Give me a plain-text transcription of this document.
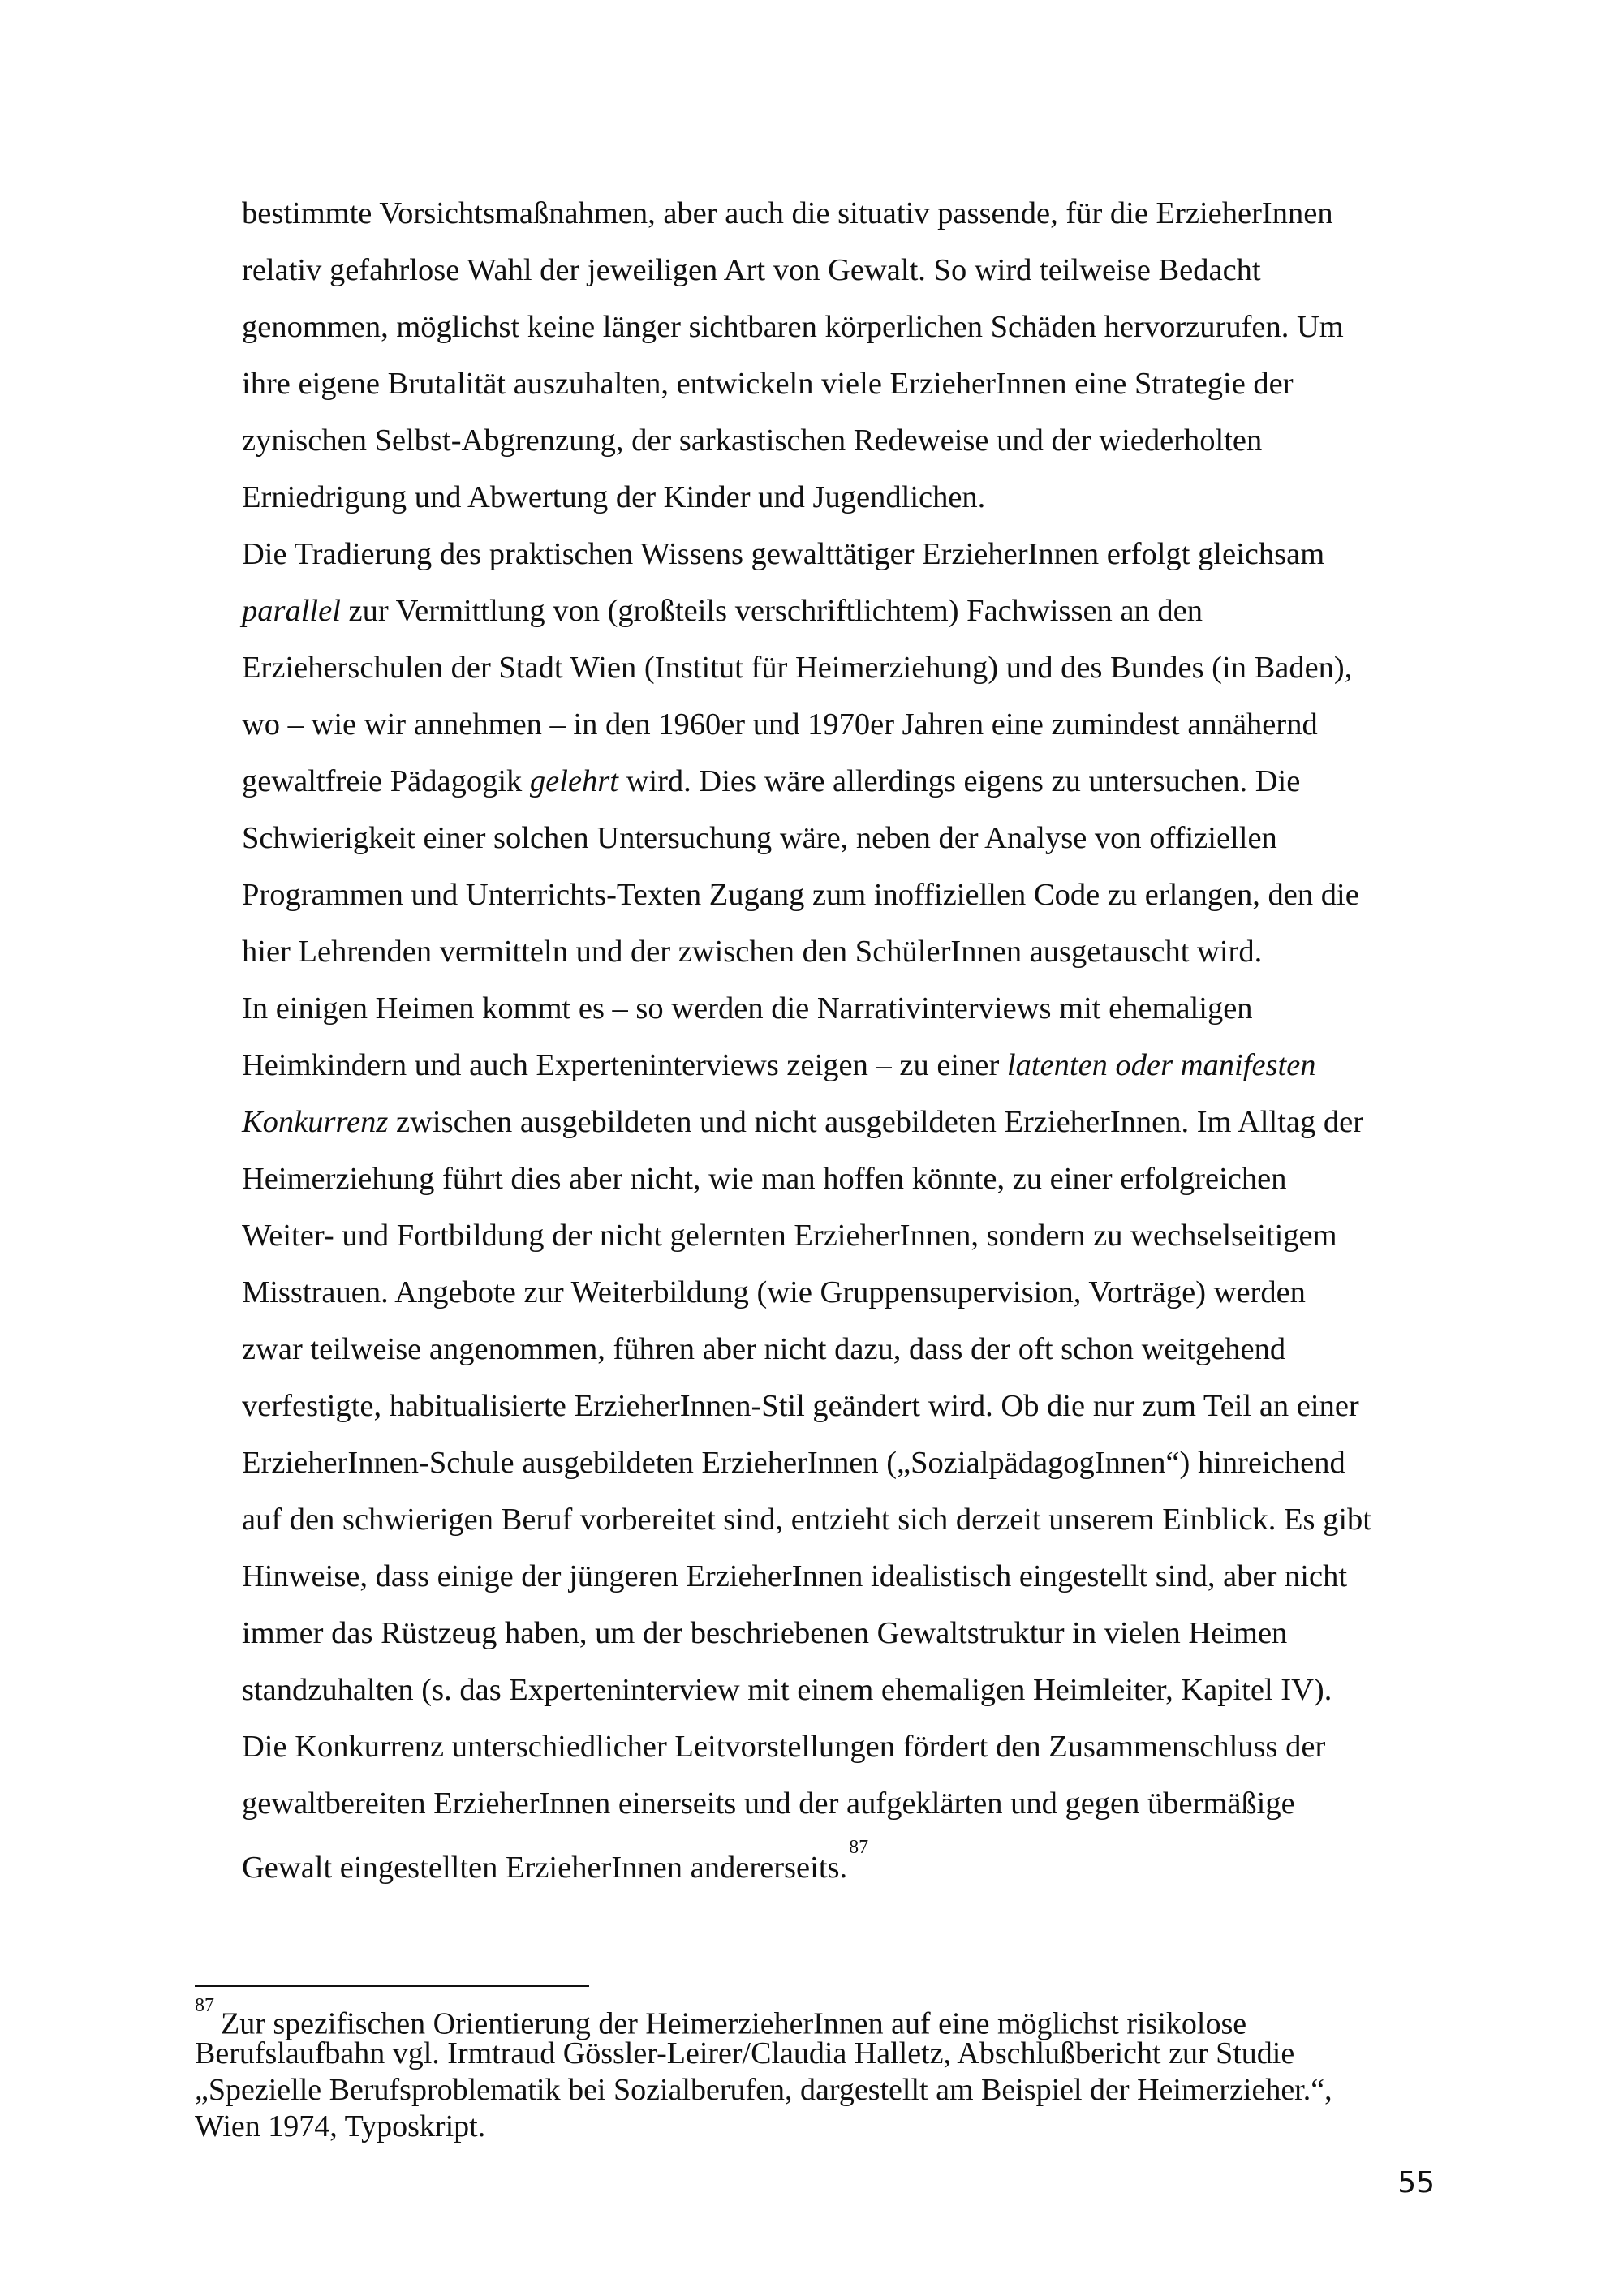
bestimmte Vorsichtsmaßnahmen, aber auch die situativ passende, für die ErzieherInnen
relativ gefahrlose Wahl der jeweiligen Art von Gewalt. So wird teilweise Bedacht
genommen, möglichst keine länger sichtbaren körperlichen Schäden hervorzurufen. Um
ihre eigene Brutalität auszuhalten, entwickeln viele ErzieherInnen eine Strategie der
zynischen Selbst-Abgrenzung, der sarkastischen Redeweise und der wiederholten
Erniedrigung und Abwertung der Kinder und Jugendlichen.
Die Tradierung des praktischen Wissens gewalttätiger ErzieherInnen erfolgt gleichsam
parallel zur Vermittlung von (großteils verschriftlichtem) Fachwissen an den
Erzieherschulen der Stadt Wien (Institut für Heimerziehung) und des Bundes (in Baden),
wo – wie wir annehmen – in den 1960er und 1970er Jahren eine zumindest annähernd
gewaltfreie Pädagogik gelehrt wird. Dies wäre allerdings eigens zu untersuchen. Die
Schwierigkeit einer solchen Untersuchung wäre, neben der Analyse von offiziellen
Programmen und Unterrichts-Texten Zugang zum inoffiziellen Code zu erlangen, den die
hier Lehrenden vermitteln und der zwischen den SchülerInnen ausgetauscht wird.
In einigen Heimen kommt es – so werden die Narrativinterviews mit ehemaligen
Heimkindern und auch Experteninterviews zeigen – zu einer latenten oder manifesten
Konkurrenz zwischen ausgebildeten und nicht ausgebildeten ErzieherInnen. Im Alltag der
Heimerziehung führt dies aber nicht, wie man hoffen könnte, zu einer erfolgreichen
Weiter- und Fortbildung der nicht gelernten ErzieherInnen, sondern zu wechselseitigem
Misstrauen. Angebote zur Weiterbildung (wie Gruppensupervision, Vorträge) werden
zwar teilweise angenommen, führen aber nicht dazu, dass der oft schon weitgehend
verfestigte, habitualisierte ErzieherInnen-Stil geändert wird. Ob die nur zum Teil an einer
ErzieherInnen-Schule ausgebildeten ErzieherInnen („SozialpädagogInnen“) hinreichend
auf den schwierigen Beruf vorbereitet sind, entzieht sich derzeit unserem Einblick. Es gibt
Hinweise, dass einige der jüngeren ErzieherInnen idealistisch eingestellt sind, aber nicht
immer das Rüstzeug haben, um der beschriebenen Gewaltstruktur in vielen Heimen
standzuhalten (s. das Experteninterview mit einem ehemaligen Heimleiter, Kapitel IV).
Die Konkurrenz unterschiedlicher Leitvorstellungen fördert den Zusammenschluss der
gewaltbereiten ErzieherInnen einerseits und der aufgeklärten und gegen übermäßige
Gewalt eingestellten ErzieherInnen andererseits.$^{87}$
$^{87}$Zur spezifischen Orientierung der HeimerzieherInnen auf eine möglichst risikolose
Berufslaufbahn vgl. Irmtraud Gössler-Leirer/Claudia Halletz, Abschlußbericht zur Studie
„Spezielle Berufsproblematik bei Sozialberufen, dargestellt am Beispiel der Heimerzieher.“,
Wien 1974, Typoskript.
55
